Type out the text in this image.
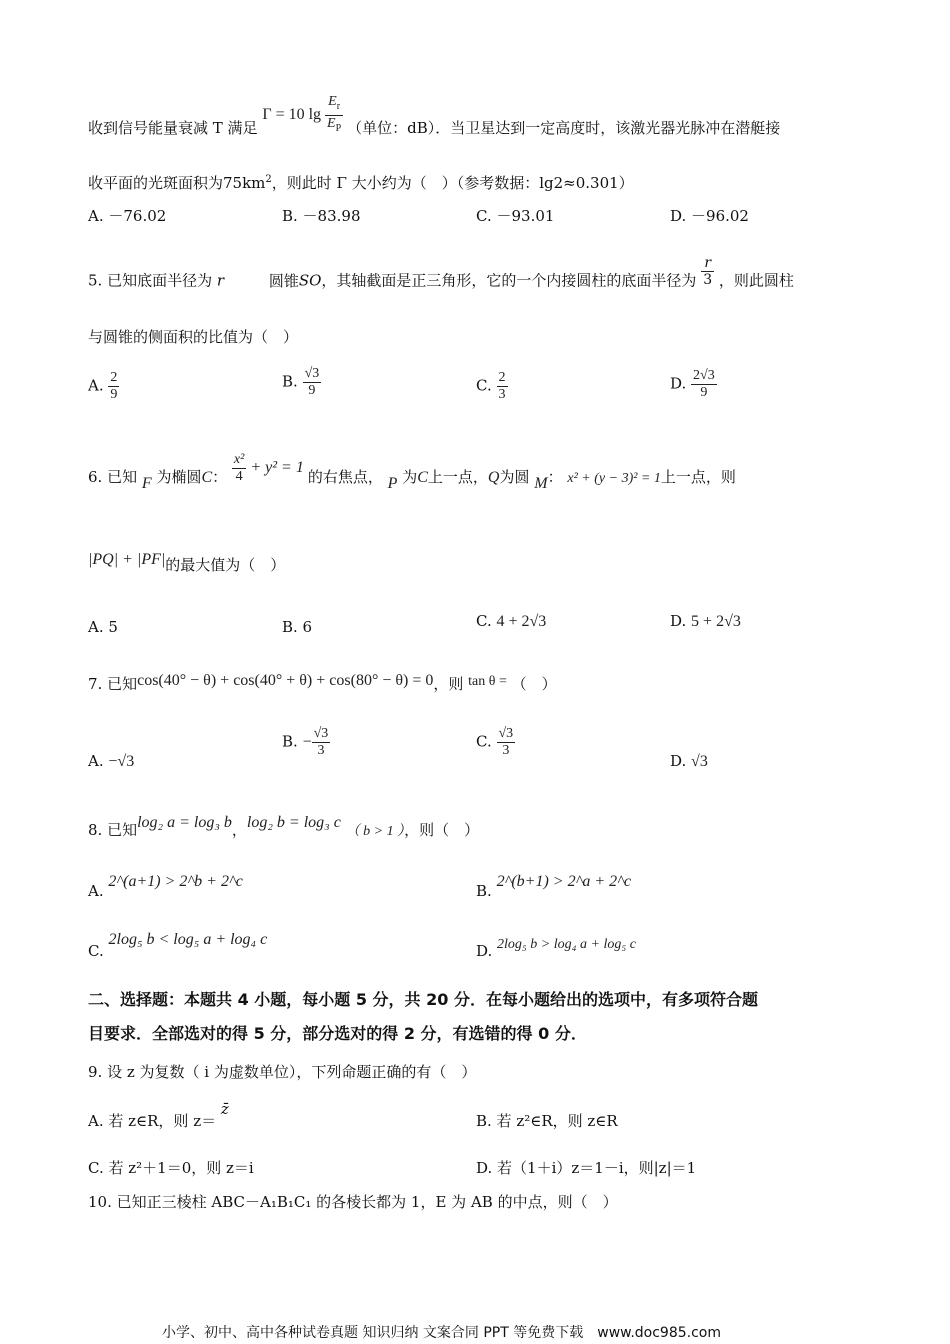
收到信号能量衰减 T 满足 Γ = 10 $\lg \frac{E_r}{E_P}$ （单位：dB）．当卫星达到一定高度时，该激光器光脉冲在潜艇接
收平面的光斑面积为$75km^2$，则此时 Γ 大小约为（　）（参考数据：lg2≈0.301）
A. －76.02	B. －83.98	C. －93.01	D. －96.02
5. 已知底面半径为 r	圆锥SO，其轴截面是正三角形，它的一个内接圆柱的底面半径为 $\frac{r}{3}$ ，则此圆柱
与圆锥的侧面积的比值为（　）
A. $\frac{2}{9}$	B. $\frac{√3}{9}$	C. $\frac{2}{3}$	D. $\frac{2√3}{9}$
6. 已知 F 为椭圆C： $\frac{\text{x²}}{4} + y^2 = 1$ 的右焦点， P 为C上一点，Q为圆 M： x² + (y − 3)² = 1上一点，则
|PQ| + |PF|的最大值为（　）
A. 5	B. 6	C. 4 + 2√3	D. 5 + 2√3
7. 已知cos(40° − θ) + cos(40° + θ) + cos(80° − θ) = 0，则 tan θ = （　）
A. −√3
B. − $\frac{√3}{3}$	C. $\frac{√3}{3}$
D. √3
8. 已知log₂ a = log₃ b，log₂ b = log₃ c （ b > 1 ），则（　）
A. 2^(a+1) > 2^b + 2^c
B. 2^(b+1) > 2^a + 2^c
C. 2log₅ b < log₅ a + log₄ c
D. 2log₅ b > log₄ a + log₅ c
二、选择题：本题共 4 小题，每小题 5 分，共 20 分．在每小题给出的选项中，有多项符合题
目要求．全部选对的得 5 分，部分选对的得 2 分，有选错的得 0 分．
9. 设 z 为复数（ i 为虚数单位），下列命题正确的有（　）
A. 若 z∈R，则 z＝ z̄
B. 若 z²∈R，则 z∈R
C. 若 z²＋1＝0，则 z＝i	D. 若（1＋i）z＝1－i，则|z|＝1
10. 已知正三棱柱 ABC－A₁B₁C₁ 的各棱长都为 1，E 为 AB 的中点，则（　）
小学、初中、高中各种试卷真题 知识归纳 文案合同 PPT 等免费下载 www.doc985.com
